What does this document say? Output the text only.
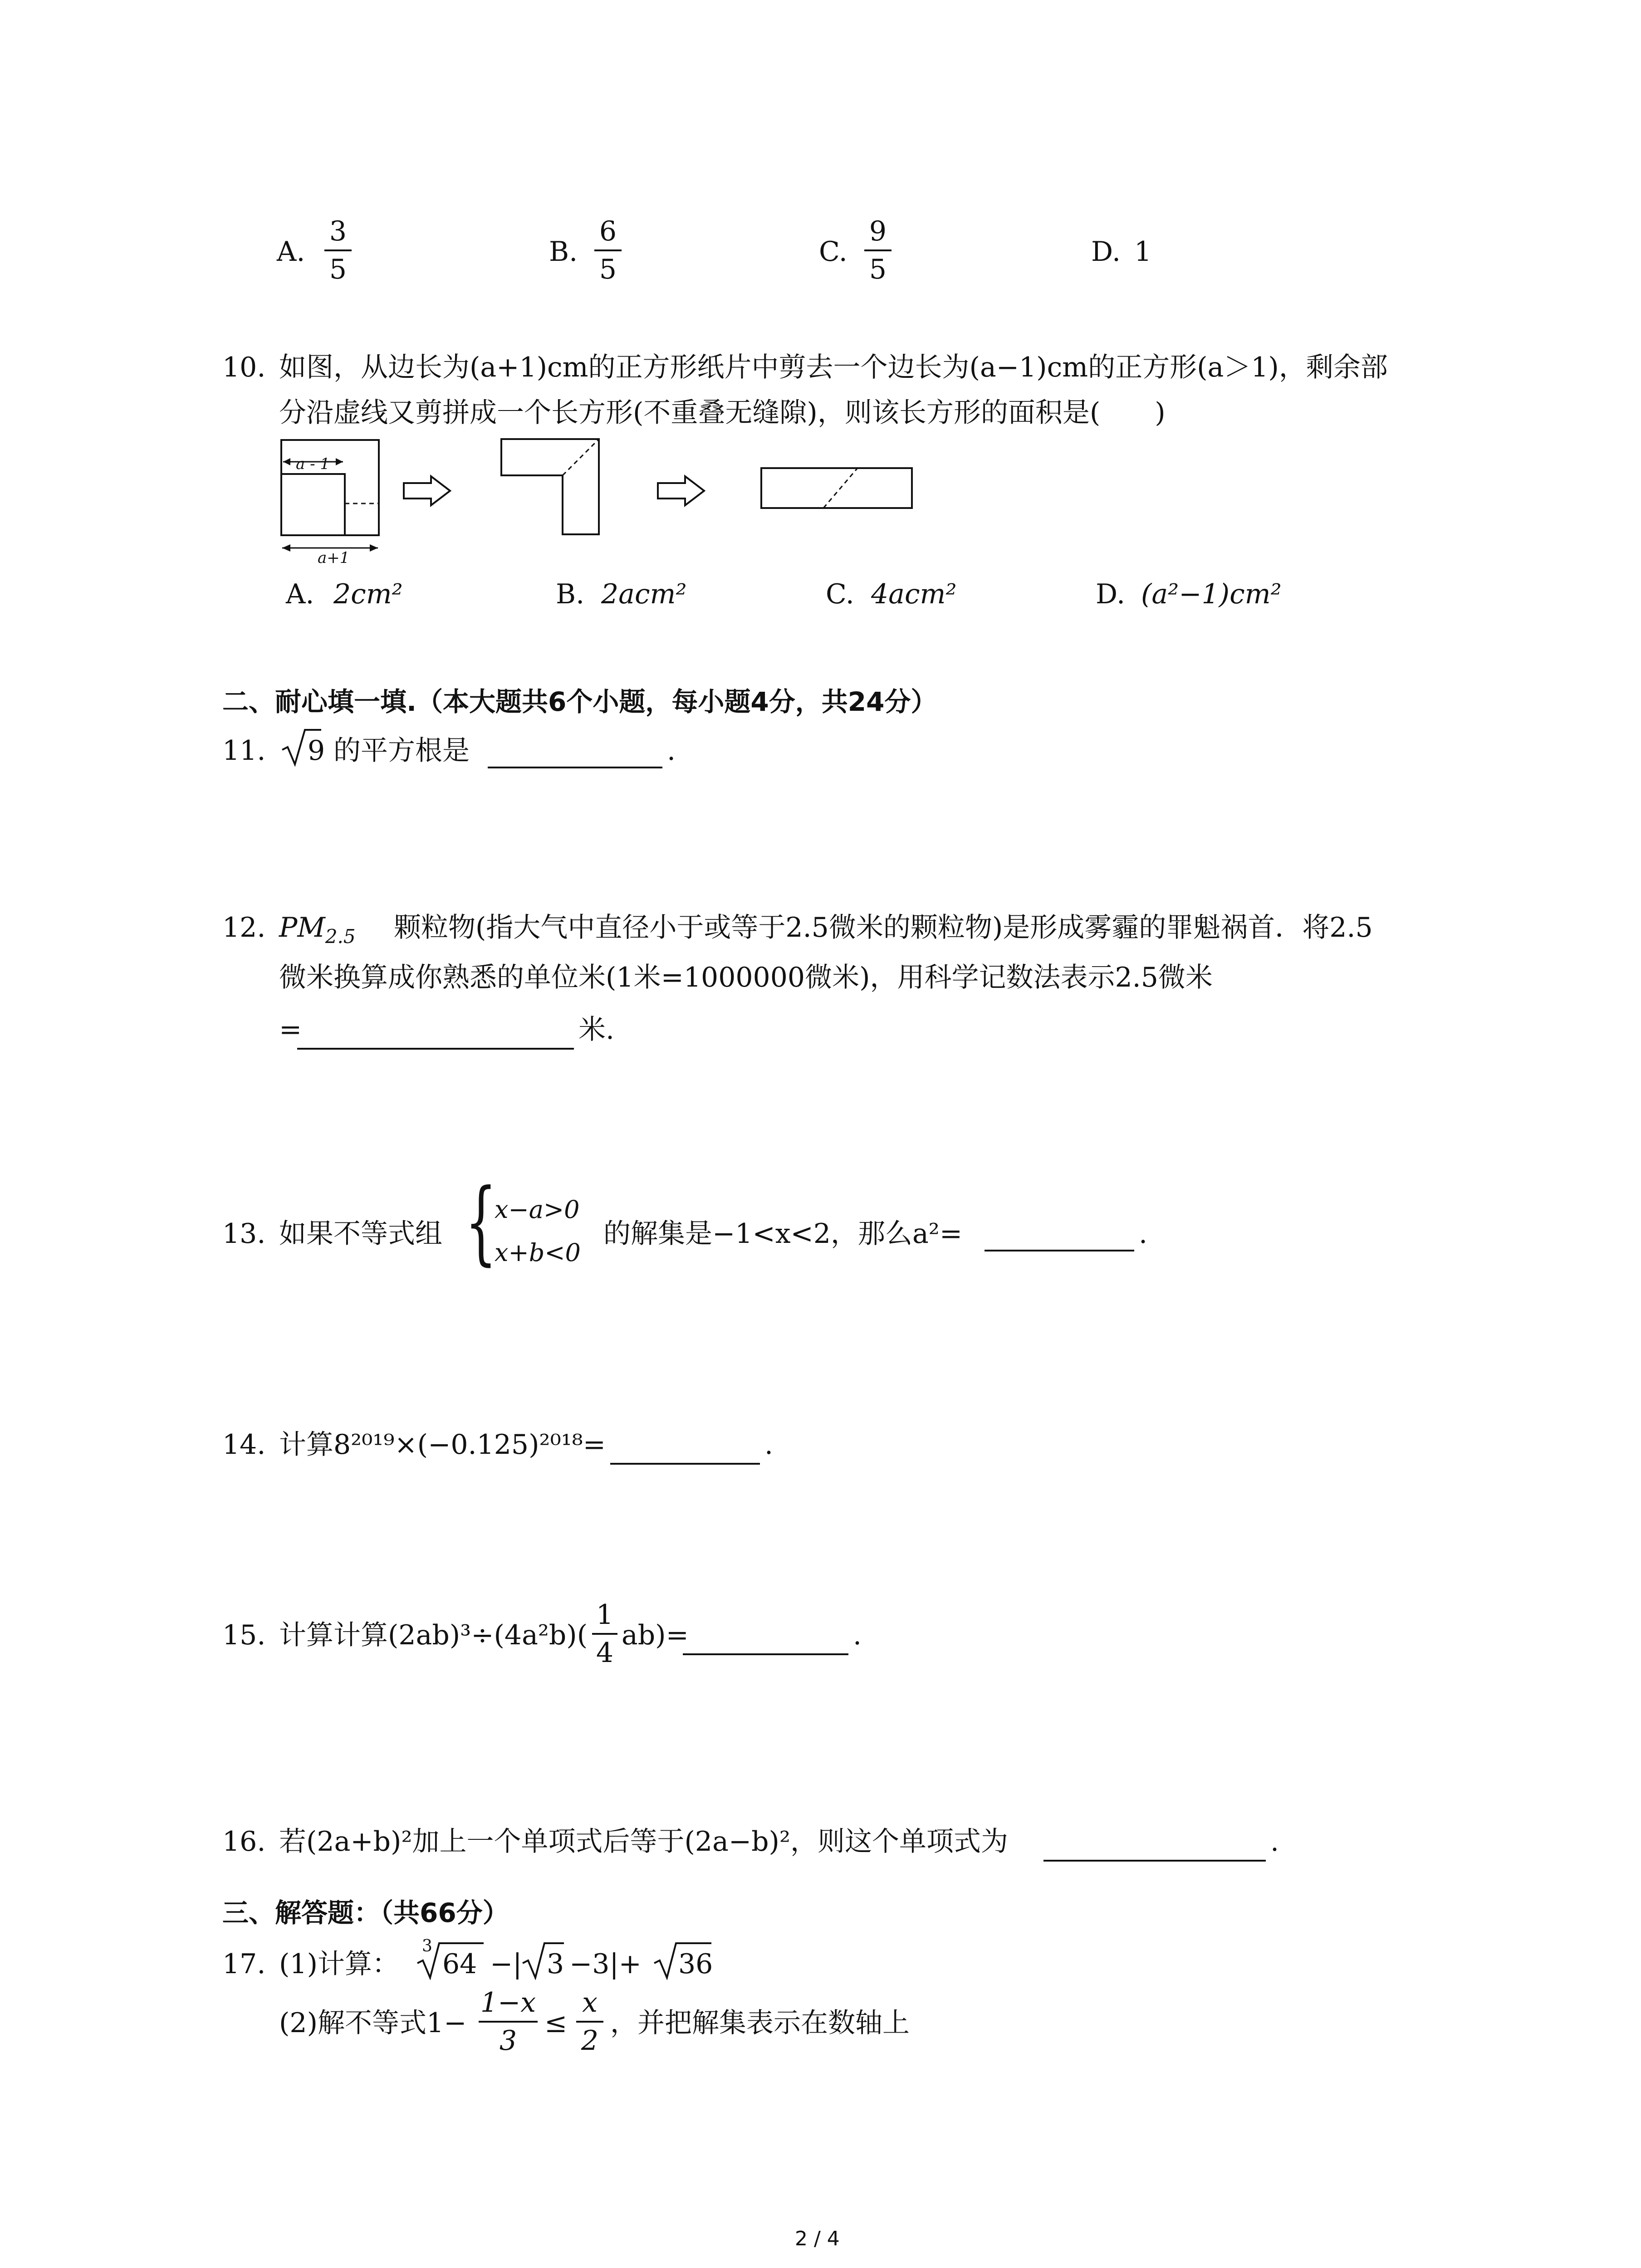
A.
3
5
B.
6
5
C.
9
5
D. 1
10. 如图，从边长为(a+1)cm的正方形纸片中剪去一个边长为(a−1)cm的正方形(a＞1)，剩余部
分沿虚线又剪拼成一个长方形(不重叠无缝隙)，则该长方形的面积是(　　)
a - 1
a+1
A. 2cm²	B. 2acm²	C. 4acm²	D. (a²−1)cm²
二、耐心填一填.（本大题共6个小题，每小题4分，共24分）
11. 9 的平方根是	.
12. $PM_{2.5}$ 颗粒物(指大气中直径小于或等于2.5微米的颗粒物)是形成雾霾的罪魁祸首．将2.5
微米换算成你熟悉的单位米(1米=1000000微米)，用科学记数法表示2.5微米
=	米.
13. 如果不等式组 {
x−a>0
x+b<0
的解集是−1<x<2，那么a²=	.
14. 计算8²⁰¹⁹×(−0.125)²⁰¹⁸=	.
15. 计算计算(2ab)³÷(4a²b)(
1
4
ab)=	.
16. 若(2a+b)²加上一个单项式后等于(2a−b)²，则这个单项式为	.
三、解答题：（共66分）
17. (1)计算：
3
64 −| 3 −3|+ 36
(2)解不等式1−
1−x
3
≤
x
2
，并把解集表示在数轴上
2 / 4
